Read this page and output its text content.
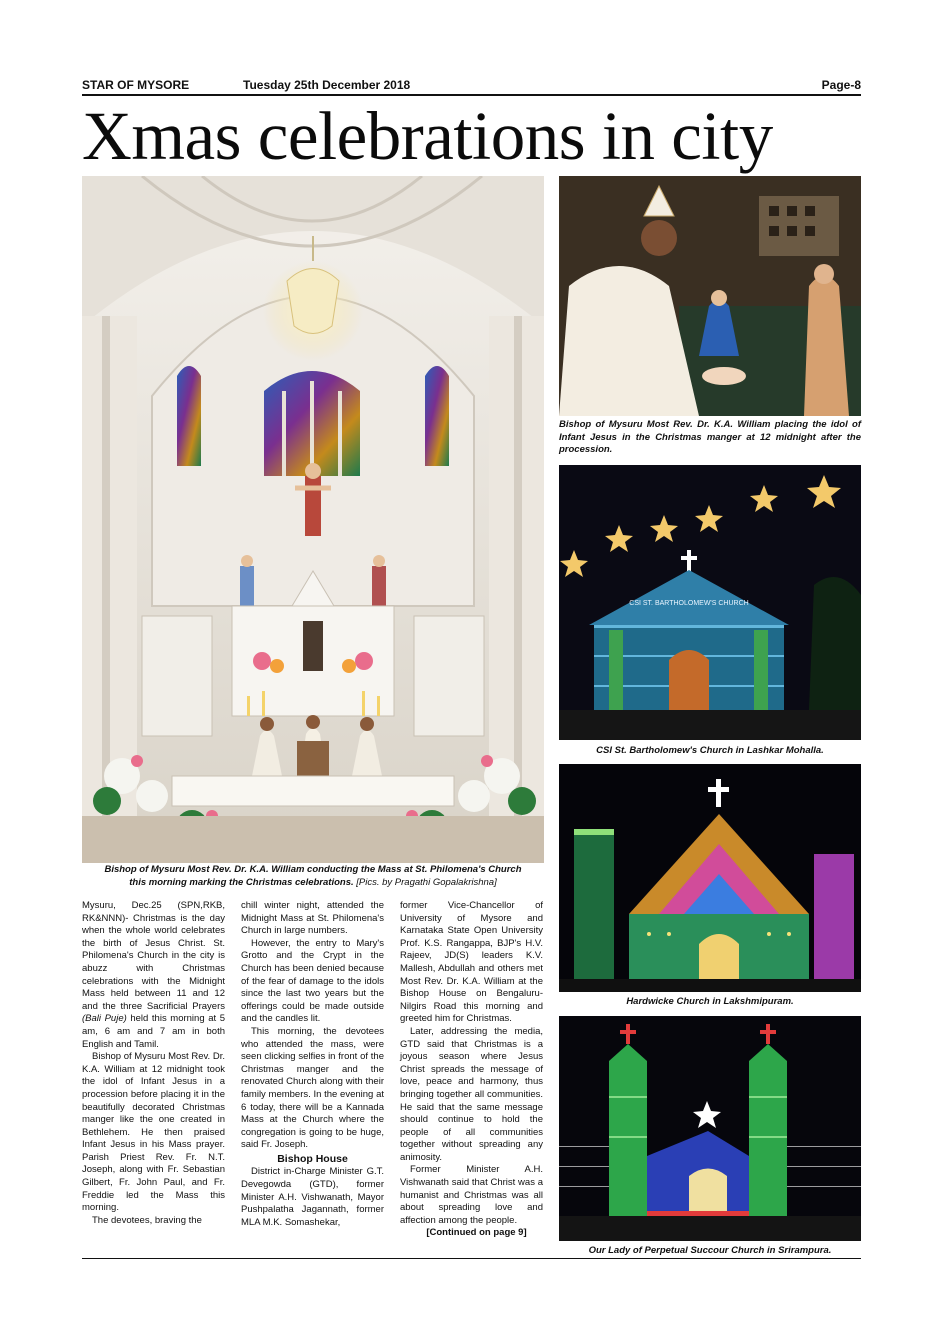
STAR OF MYSORE	Tuesday 25th December 2018	Page-8
Xmas celebrations in city
Bishop of Mysuru Most Rev. Dr. K.A. William conducting the Mass at St. Philomena's Church
this morning marking the Christmas celebrations. [Pics. by Pragathi Gopalakrishna]
Bishop of Mysuru Most Rev. Dr. K.A. William placing the idol of Infant Jesus in the Christmas manger at 12 midnight after the procession.
CSI ST. BARTHOLOMEW'S CHURCH
CSI St. Bartholomew's Church in Lashkar Mohalla.
Hardwicke Church in Lakshmipuram.
Our Lady of Perpetual Succour Church in Srirampura.

Mysuru, Dec.25 (SPN,RKB, RK&NNN)- Christmas is the day when the whole world celebrates the birth of Jesus Christ. St. Philomena's Church in the city is abuzz with Christmas celebrations with the Midnight Mass held between 11 and 12 and the three Sacrificial Prayers (Bali Puje) held this morning at 5 am, 6 am and 7 am in both English and Tamil.

Bishop of Mysuru Most Rev. Dr. K.A. William at 12 midnight took the idol of Infant Jesus in a procession before placing it in the beautifully decorated Christmas manger like the one created in Bethlehem. He then praised Infant Jesus in his Mass prayer. Parish Priest Rev. Fr. N.T. Joseph, along with Fr. Sebastian Gilbert, Fr. John Paul, and Fr. Freddie led the Mass this morning.

The devotees, braving the

chill winter night, attended the Midnight Mass at St. Philomena's Church in large numbers.

However, the entry to Mary's Grotto and the Crypt in the Church has been denied because of the fear of damage to the idols since the last two years but the offerings could be made outside and the candles lit.

This morning, the devotees who attended the mass, were seen clicking selfies in front of the Christmas manger and the renovated Church along with their family members. In the evening at 6 today, there will be a Kannada Mass at the Church where the congregation is going to be huge, said Fr. Joseph.

Bishop House

District in-Charge Minister G.T. Devegowda (GTD), former Minister A.H. Vishwanath, Mayor Pushpalatha Jagannath, former MLA M.K. Somashekar,

former Vice-Chancellor of University of Mysore and Karnataka State Open University Prof. K.S. Rangappa, BJP's H.V. Rajeev, JD(S) leaders K.V. Mallesh, Abdullah and others met Most Rev. Dr. K.A. William at the Bishop House on Bengaluru-Nilgirs Road this morning and greeted him for Christmas.

Later, addressing the media, GTD said that Christmas is a joyous season where Jesus Christ spreads the message of love, peace and harmony, thus bringing together all communities. He said that the same message should continue to hold the people of all communities together without spreading any animosity.

Former Minister A.H. Vishwanath said that Christ was a humanist and Christmas was all about spreading love and affection among the people.

[Continued on page 9]
